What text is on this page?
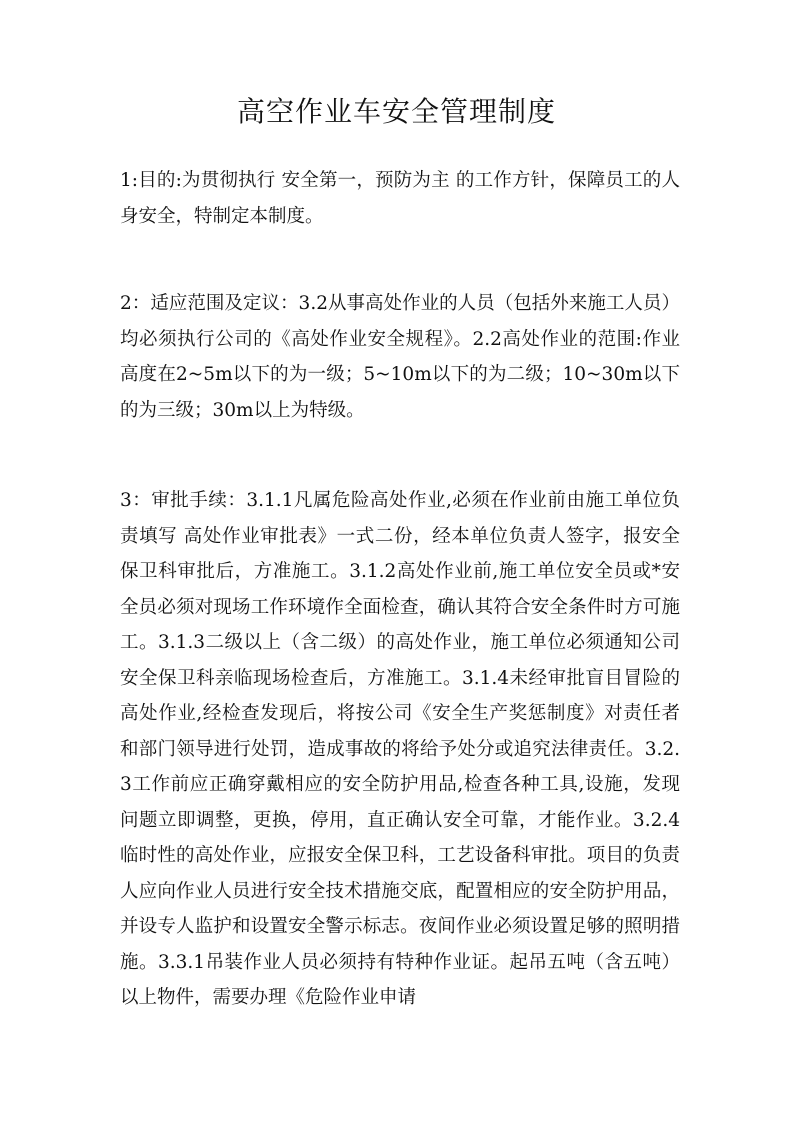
高空作业车安全管理制度
1:目的:为贯彻执行 安全第一，预防为主 的工作方针，保障员工的人身安全，特制定本制度。
2：适应范围及定议：3.2从事高处作业的人员（包括外来施工人员）均必须执行公司的《高处作业安全规程》。2.2高处作业的范围:作业高度在2~5m以下的为一级；5~10m以下的为二级；10~30m以下的为三级；30m以上为特级。
3：审批手续：3.1.1凡属危险高处作业,必须在作业前由施工单位负责填写 高处作业审批表》一式二份，经本单位负责人签字，报安全保卫科审批后，方准施工。3.1.2高处作业前,施工单位安全员或*安全员必须对现场工作环境作全面检查，确认其符合安全条件时方可施工。3.1.3二级以上（含二级）的高处作业，施工单位必须通知公司安全保卫科亲临现场检查后，方准施工。3.1.4未经审批盲目冒险的高处作业,经检查发现后，将按公司《安全生产奖惩制度》对责任者和部门领导进行处罚，造成事故的将给予处分或追究法律责任。3.2.3工作前应正确穿戴相应的安全防护用品,检查各种工具,设施，发现问题立即调整，更换，停用，直正确认安全可靠，才能作业。3.2.4临时性的高处作业，应报安全保卫科，工艺设备科审批。项目的负责人应向作业人员进行安全技术措施交底，配置相应的安全防护用品，并设专人监护和设置安全警示标志。夜间作业必须设置足够的照明措施。3.3.1吊装作业人员必须持有特种作业证。起吊五吨（含五吨）以上物件，需要办理《危险作业申请
